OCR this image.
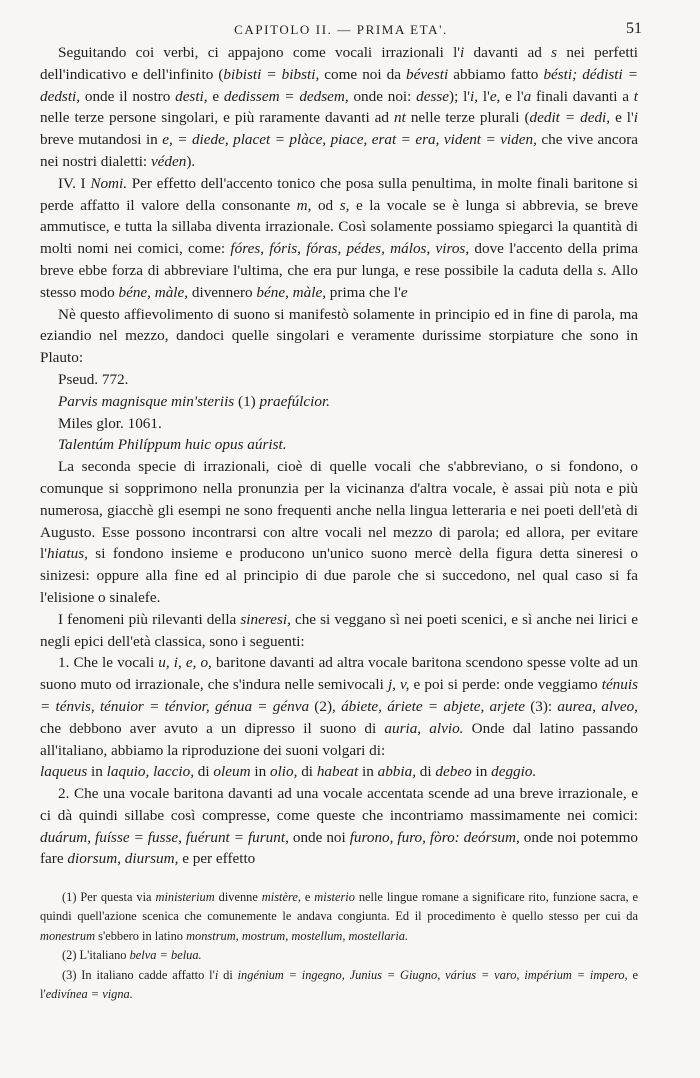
CAPITOLO II. — PRIMA ETA'.	51

Seguitando coi verbi, ci appajono come vocali irrazionali l'i davanti ad s nei perfetti dell'indicativo e dell'infinito (bibisti = bibsti, come noi da bévesti abbiamo fatto bésti; dédisti = dedsti, onde il nostro desti, e dedissem = dedsem, onde noi: desse); l'i, l'e, e l'a finali davanti a t nelle terze persone singolari, e più raramente davanti ad nt nelle terze plurali (dedit = dedi, e l'i breve mutandosi in e, = diede, placet = plàce, piace, erat = era, vident = viden, che vive ancora nei nostri dialetti: véden).

IV. I Nomi. Per effetto dell'accento tonico che posa sulla penultima, in molte finali baritone si perde affatto il valore della consonante m, od s, e la vocale se è lunga si abbrevia, se breve ammutisce, e tutta la sillaba diventa irrazionale. Così solamente possiamo spiegarci la quantità di molti nomi nei comici, come: fóres, fóris, fóras, pédes, málos, viros, dove l'accento della prima breve ebbe forza di abbreviare l'ultima, che era pur lunga, e rese possibile la caduta della s. Allo stesso modo béne, màle, divennero béne, màle, prima che l'e

Nè questo affievolimento di suono si manifestò solamente in principio ed in fine di parola, ma eziandio nel mezzo, dandoci quelle singolari e veramente durissime storpiature che sono in Plauto:

Pseud. 772.

Parvis magnisque min'steriis (1) praefúlcior.

Miles glor. 1061.

Talentúm Philíppum huic opus aúrist.

La seconda specie di irrazionali, cioè di quelle vocali che s'abbreviano, o si fondono, o comunque si sopprimono nella pronunzia per la vicinanza d'altra vocale, è assai più nota e più numerosa, giacchè gli esempi ne sono frequenti anche nella lingua letteraria e nei poeti dell'età di Augusto. Esse possono incontrarsi con altre vocali nel mezzo di parola; ed allora, per evitare l'hiatus, si fondono insieme e producono un'unico suono mercè della figura detta sineresi o sinizesi: oppure alla fine ed al principio di due parole che si succedono, nel qual caso si fa l'elisione o sinalefe.

I fenomeni più rilevanti della sineresi, che si veggano sì nei poeti scenici, e sì anche nei lirici e negli epici dell'età classica, sono i seguenti:

1. Che le vocali u, i, e, o, baritone davanti ad altra vocale baritona scendono spesse volte ad un suono muto od irrazionale, che s'indura nelle semivocali j, v, e poi si perde: onde veggiamo ténuis = ténvis, ténuior = ténvior, génua = génva (2), ábiete, áriete = abjete, arjete (3): aurea, alveo, che debbono aver avuto a un dipresso il suono di auria, alvio. Onde dal latino passando all'italiano, abbiamo la riproduzione dei suoni volgari di:

laqueus in laquio, laccio, di oleum in olio, di habeat in abbia, di debeo in deggio.

2. Che una vocale baritona davanti ad una vocale accentata scende ad una breve irrazionale, e ci dà quindi sillabe così compresse, come queste che incontriamo massimamente nei comici: duárum, fuísse = fusse, fuérunt = furunt, onde noi furono, furo, fòro: deórsum, onde noi potemmo fare diorsum, diursum, e per effetto

(1) Per questa via ministerium divenne mistère, e misterio nelle lingue romane a significare rito, funzione sacra, e quindi quell'azione scenica che comunemente le andava congiunta. Ed il procedimento è quello stesso per cui da monestrum s'ebbero in latino monstrum, mostrum, mostellum, mostellaria.

(2) L'italiano belva = belua.

(3) In italiano cadde affatto l'i di ingénium = ingegno, Junius = Giugno, várius = varo, impérium = impero, e l'edivínea = vigna.
